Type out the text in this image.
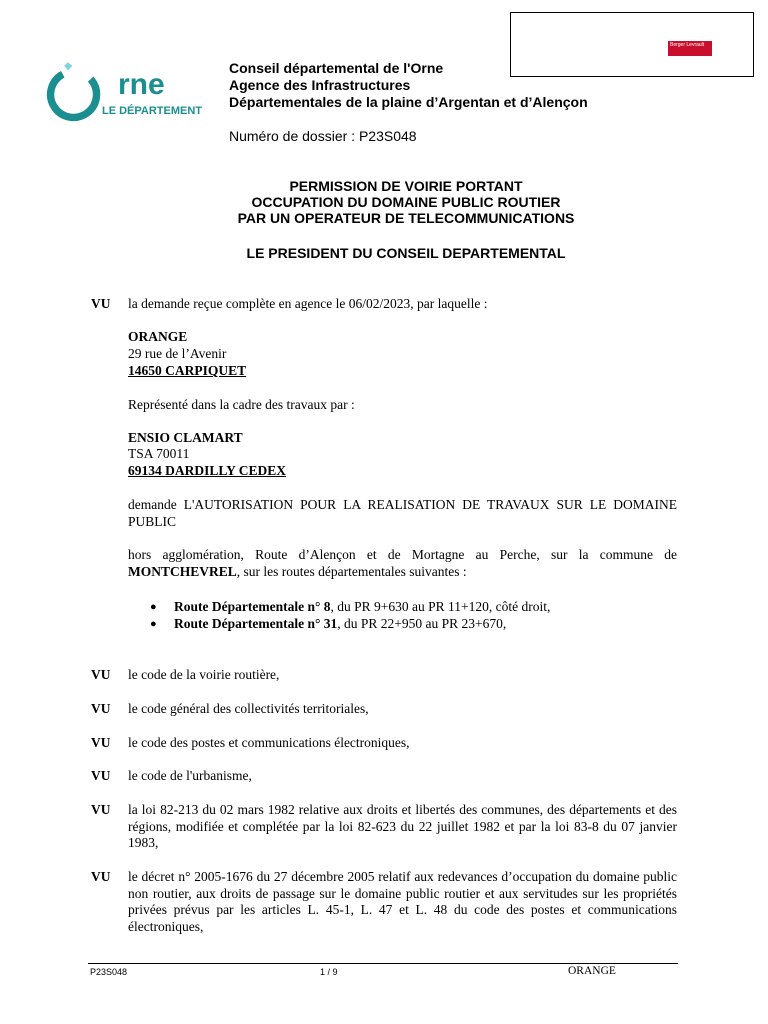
rne
LE DÉPARTEMENT
Conseil départemental de l'Orne
Agence des Infrastructures
Départementales de la plaine d’Argentan et d’Alençon
Numéro de dossier : P23S048
Berger Levrault
PERMISSION DE VOIRIE PORTANT
OCCUPATION DU DOMAINE PUBLIC ROUTIER
PAR UN OPERATEUR DE TELECOMMUNICATIONS
LE PRESIDENT DU CONSEIL DEPARTEMENTAL
VU la demande reçue complète en agence le 06/02/2023, par laquelle :
ORANGE
29 rue de l’Avenir
14650 CARPIQUET
Représenté dans la cadre des travaux par :
ENSIO CLAMART
TSA 70011
69134 DARDILLY CEDEX
demande L'AUTORISATION POUR LA REALISATION DE TRAVAUX SUR LE DOMAINE PUBLIC
hors agglomération, Route d’Alençon et de Mortagne au Perche, sur la commune de MONTCHEVREL, sur les routes départementales suivantes :
● Route Départementale n° 8, du PR 9+630 au PR 11+120, côté droit,
● Route Départementale n° 31, du PR 22+950 au PR 23+670,
VU le code de la voirie routière,
VU le code général des collectivités territoriales,
VU le code des postes et communications électroniques,
VU le code de l'urbanisme,
VU la loi 82-213 du 02 mars 1982 relative aux droits et libertés des communes, des départements et des régions, modifiée et complétée par la loi 82-623 du 22 juillet 1982 et par la loi 83-8 du 07 janvier 1983,
VU le décret n° 2005-1676 du 27 décembre 2005 relatif aux redevances d’occupation du domaine public non routier, aux droits de passage sur le domaine public routier et aux servitudes sur les propriétés privées prévus par les articles L. 45-1, L. 47 et L. 48 du code des postes et communications électroniques,
P23S048	1 / 9	ORANGE
